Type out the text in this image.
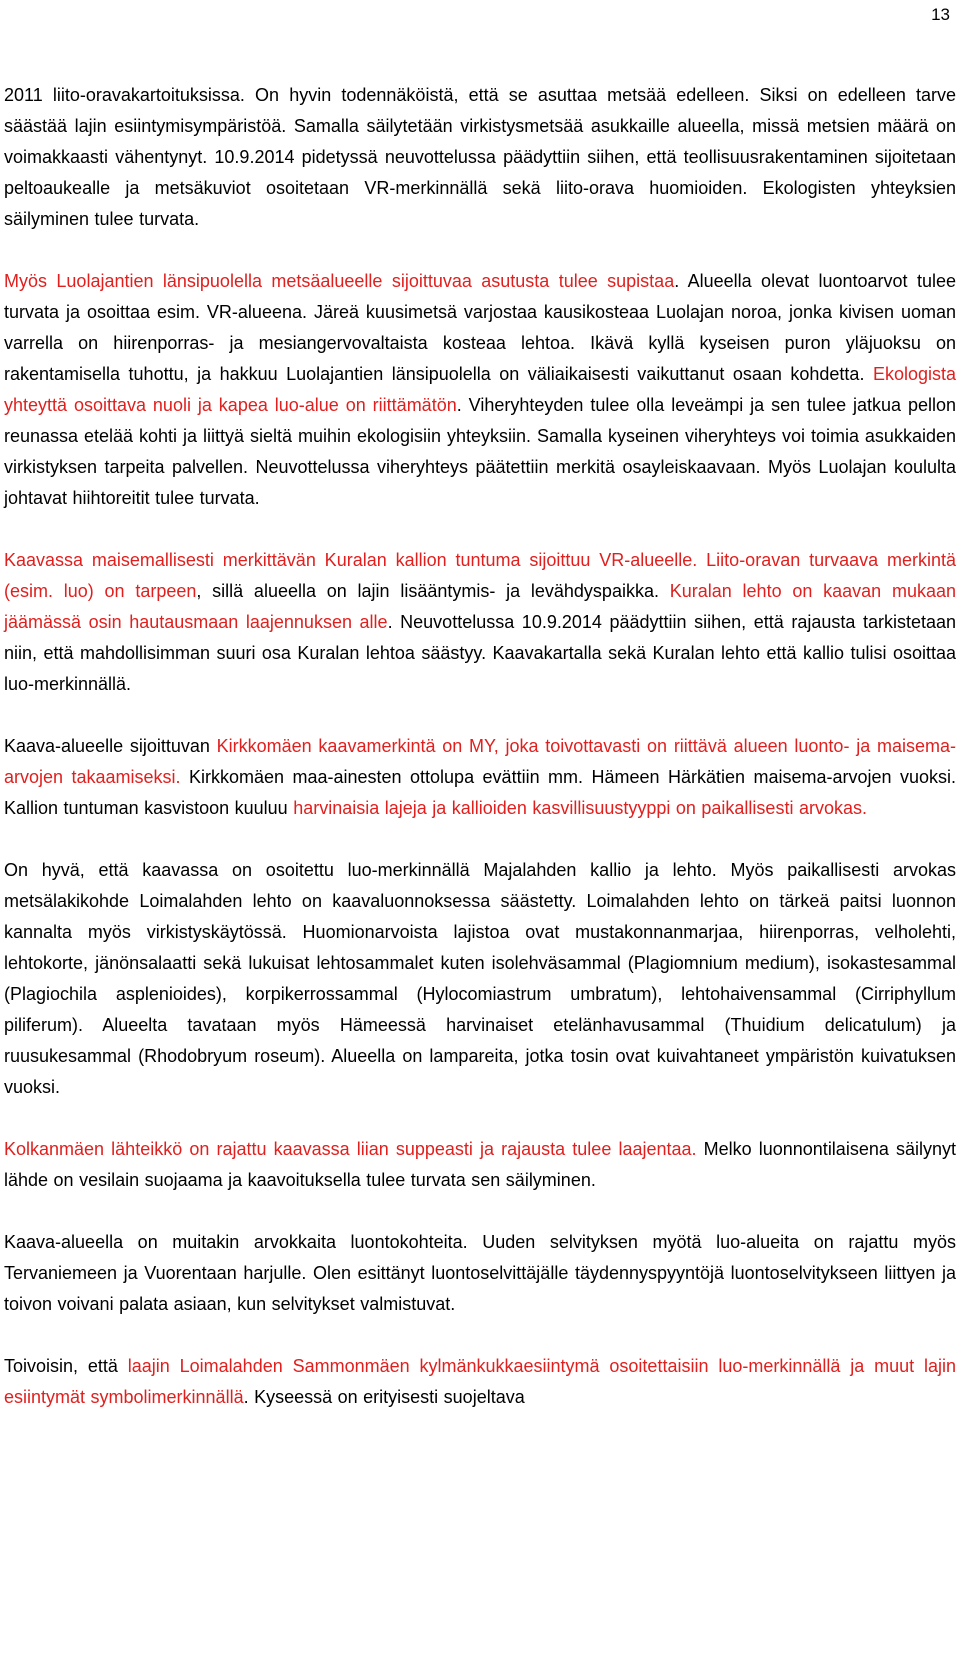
13

2011 liito-oravakartoituksissa. On hyvin todennäköistä, että se asuttaa metsää edelleen. Siksi on edelleen tarve säästää lajin esiintymisympäristöä. Samalla säilytetään virkistysmetsää asukkaille alueella, missä metsien määrä on voimakkaasti vähentynyt. 10.9.2014 pidetyssä neuvottelussa päädyttiin siihen, että teollisuusrakentaminen sijoitetaan peltoaukealle ja metsäkuviot osoitetaan VR-merkinnällä sekä liito-orava huomioiden. Ekologisten yhteyksien säilyminen tulee turvata.

Myös Luolajantien länsipuolella metsäalueelle sijoittuvaa asutusta tulee supistaa. Alueella olevat luontoarvot tulee turvata ja osoittaa esim. VR-alueena. Järeä kuusimetsä varjostaa kausikosteaa Luolajan noroa, jonka kivisen uoman varrella on hiirenporras- ja mesiangervovaltaista kosteaa lehtoa. Ikävä kyllä kyseisen puron yläjuoksu on rakentamisella tuhottu, ja hakkuu Luolajantien länsipuolella on väliaikaisesti vaikuttanut osaan kohdetta. Ekologista yhteyttä osoittava nuoli ja kapea luo-alue on riittämätön. Viheryhteyden tulee olla leveämpi ja sen tulee jatkua pellon reunassa etelää kohti ja liittyä sieltä muihin ekologisiin yhteyksiin. Samalla kyseinen viheryhteys voi toimia asukkaiden virkistyksen tarpeita palvellen. Neuvottelussa viheryhteys päätettiin merkitä osayleiskaavaan. Myös Luolajan koululta johtavat hiihtoreitit tulee turvata.

Kaavassa maisemallisesti merkittävän Kuralan kallion tuntuma sijoittuu VR-alueelle. Liito-oravan turvaava merkintä (esim. luo) on tarpeen, sillä alueella on lajin lisääntymis- ja levähdyspaikka. Kuralan lehto on kaavan mukaan jäämässä osin hautausmaan laajennuksen alle. Neuvottelussa 10.9.2014 päädyttiin siihen, että rajausta tarkistetaan niin, että mahdollisimman suuri osa Kuralan lehtoa säästyy. Kaavakartalla sekä Kuralan lehto että kallio tulisi osoittaa luo-merkinnällä.

Kaava-alueelle sijoittuvan Kirkkomäen kaavamerkintä on MY, joka toivottavasti on riittävä alueen luonto- ja maisema-arvojen takaamiseksi. Kirkkomäen maa-ainesten ottolupa evättiin mm. Hämeen Härkätien maisema-arvojen vuoksi. Kallion tuntuman kasvistoon kuuluu harvinaisia lajeja ja kallioiden kasvillisuustyyppi on paikallisesti arvokas.

On hyvä, että kaavassa on osoitettu luo-merkinnällä Majalahden kallio ja lehto. Myös paikallisesti arvokas metsälakikohde Loimalahden lehto on kaavaluonnoksessa säästetty. Loimalahden lehto on tärkeä paitsi luonnon kannalta myös virkistyskäytössä. Huomionarvoista lajistoa ovat mustakonnanmarjaa, hiirenporras, velholehti, lehtokorte, jänönsalaatti sekä lukuisat lehtosammalet kuten isolehväsammal (Plagiomnium medium), isokastesammal (Plagiochila asplenioides), korpikerrossammal (Hylocomiastrum umbratum), lehtohaivensammal (Cirriphyllum piliferum). Alueelta tavataan myös Hämeessä harvinaiset etelänhavusammal (Thuidium delicatulum) ja ruusukesammal (Rhodobryum roseum). Alueella on lampareita, jotka tosin ovat kuivahtaneet ympäristön kuivatuksen vuoksi.

Kolkanmäen lähteikkö on rajattu kaavassa liian suppeasti ja rajausta tulee laajentaa. Melko luonnontilaisena säilynyt lähde on vesilain suojaama ja kaavoituksella tulee turvata sen säilyminen.

Kaava-alueella on muitakin arvokkaita luontokohteita. Uuden selvityksen myötä luo-alueita on rajattu myös Tervaniemeen ja Vuorentaan harjulle. Olen esittänyt luontoselvittäjälle täydennyspyyntöjä luontoselvitykseen liittyen ja toivon voivani palata asiaan, kun selvitykset valmistuvat.

Toivoisin, että laajin Loimalahden Sammonmäen kylmänkukkaesiintymä osoitettaisiin luo-merkinnällä ja muut lajin esiintymät symbolimerkinnällä. Kyseessä on erityisesti suojeltava
